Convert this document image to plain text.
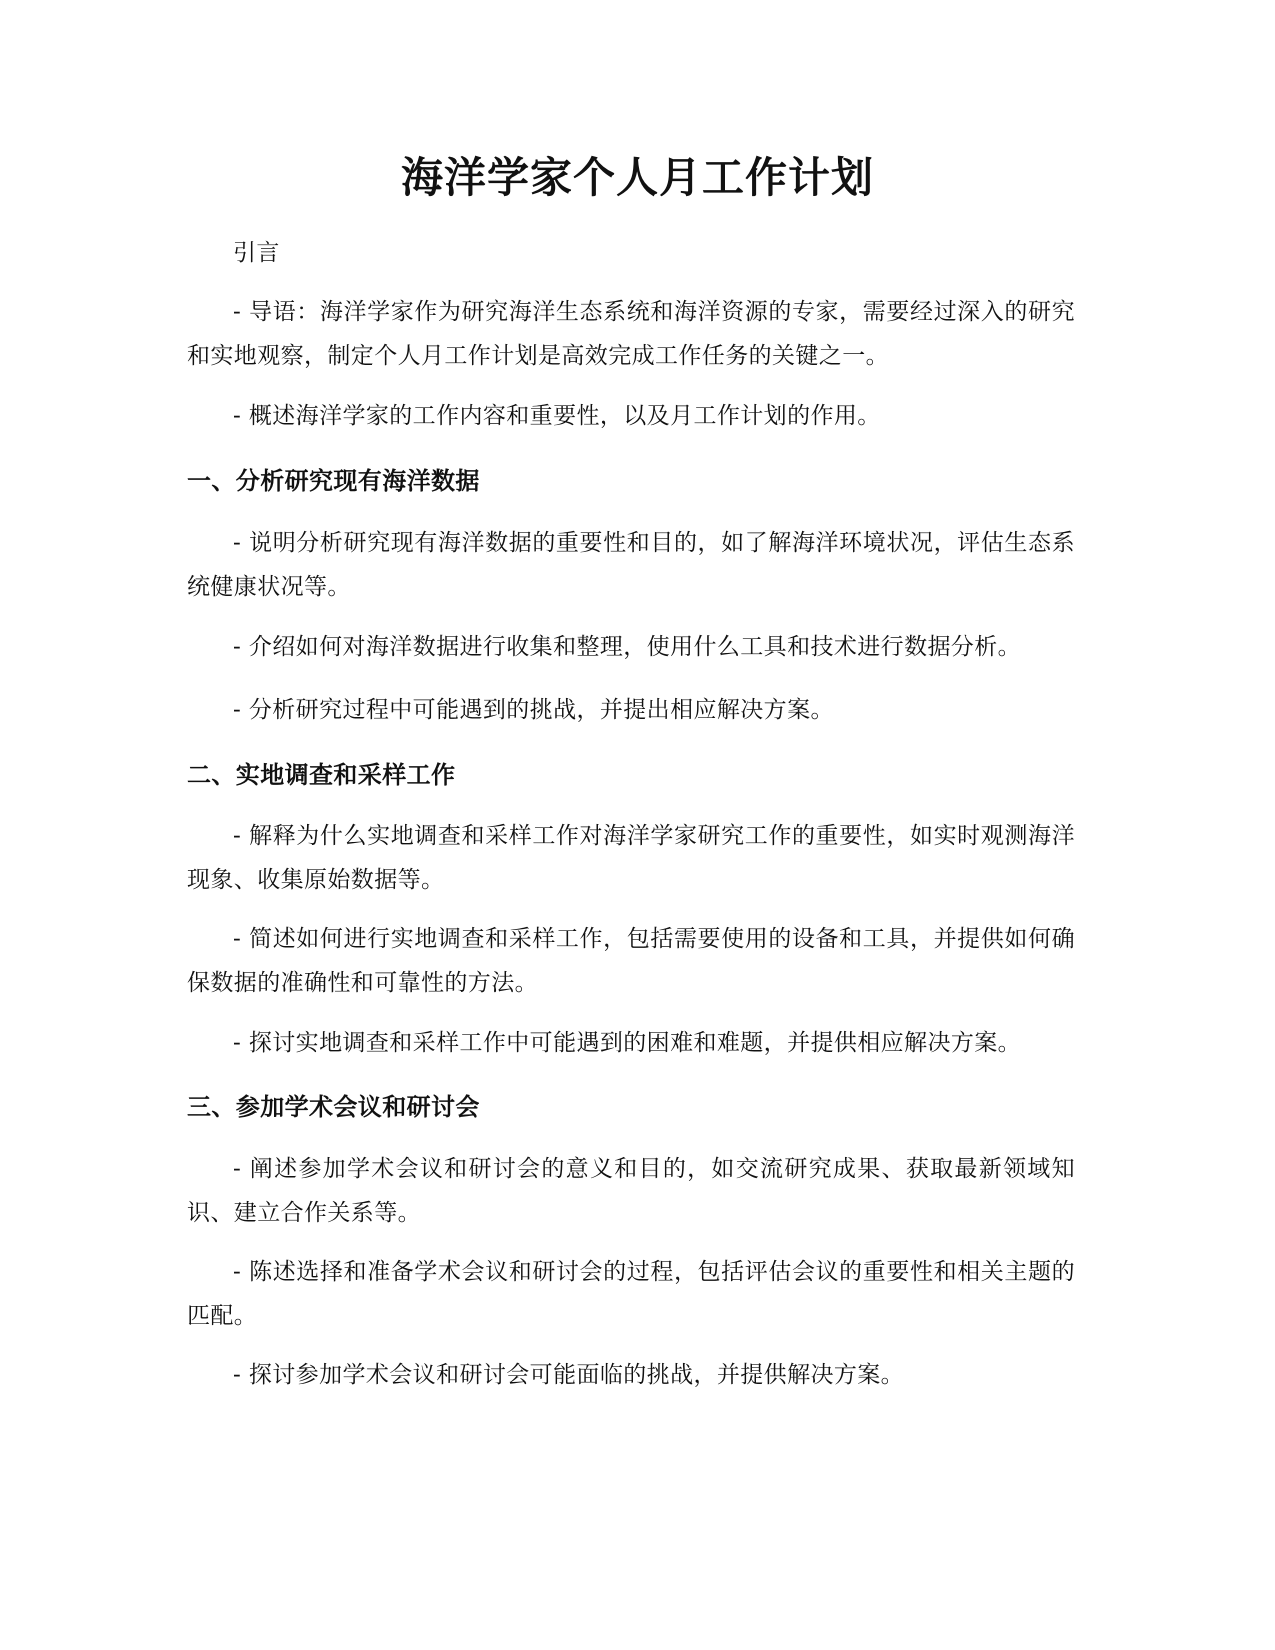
海洋学家个人月工作计划

引言

- 导语：海洋学家作为研究海洋生态系统和海洋资源的专家，需要经过深入的研究和实地观察，制定个人月工作计划是高效完成工作任务的关键之一。

- 概述海洋学家的工作内容和重要性，以及月工作计划的作用。

一、分析研究现有海洋数据

- 说明分析研究现有海洋数据的重要性和目的，如了解海洋环境状况，评估生态系统健康状况等。

- 介绍如何对海洋数据进行收集和整理，使用什么工具和技术进行数据分析。

- 分析研究过程中可能遇到的挑战，并提出相应解决方案。

二、实地调查和采样工作

- 解释为什么实地调查和采样工作对海洋学家研究工作的重要性，如实时观测海洋现象、收集原始数据等。

- 简述如何进行实地调查和采样工作，包括需要使用的设备和工具，并提供如何确保数据的准确性和可靠性的方法。

- 探讨实地调查和采样工作中可能遇到的困难和难题，并提供相应解决方案。

三、参加学术会议和研讨会

- 阐述参加学术会议和研讨会的意义和目的，如交流研究成果、获取最新领域知识、建立合作关系等。

- 陈述选择和准备学术会议和研讨会的过程，包括评估会议的重要性和相关主题的匹配。

- 探讨参加学术会议和研讨会可能面临的挑战，并提供解决方案。
